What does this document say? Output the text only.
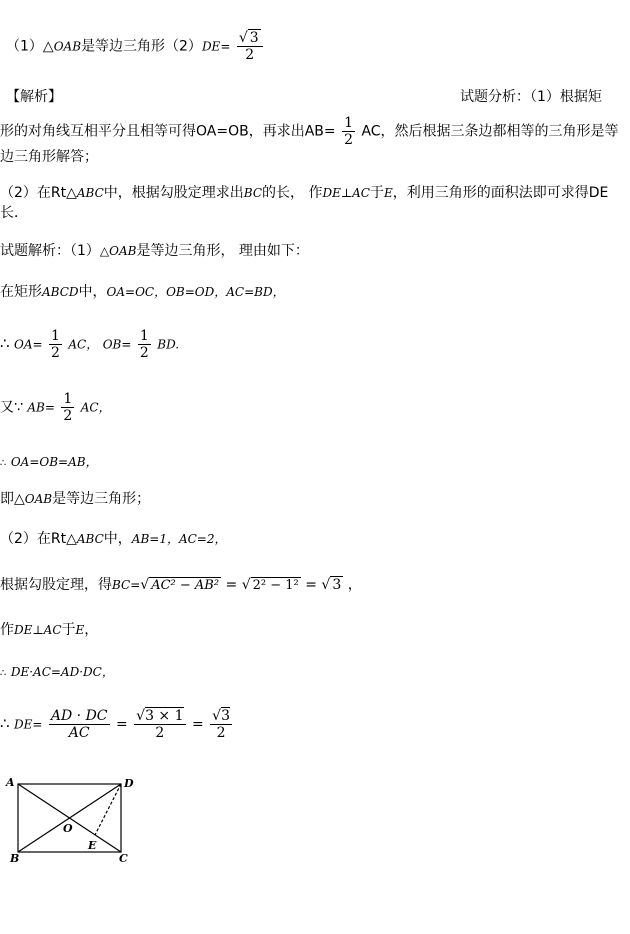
（1）△OAB是等边三角形$(2)DE= \frac{√ 3}{2}$
【解析】	试题分析：（1）根据矩
形的对角线互相平分且相等可得OA=OB，再求出$AB= \frac{1}{2}$ AC，然后根据三条边都相等的三角形是等
边三角形解答；
（2）在Rt△ABC中，根据勾股定理求出BC的长， 作DE⊥AC于E，利用三角形的面积法即可求得DE
长．
试题解析：（1）△OAB是等边三角形， 理由如下：
在矩形ABCD中，OA=OC，OB=OD，AC=BD，
∴ $OA= \frac{1}{2}$ AC， $OB= \frac{1}{2}$ BD.
又∵ $AB= \frac{1}{2}$ AC，
∴ OA=OB=AB，
即△OAB是等边三角形；
（2）在Rt△ABC中，AB=1，AC=2，
根据勾股定理，得BC=√ AC² − AB² = √ 2² − 1² = √ 3 ，
作DE⊥AC于E，
∴ DE·AC=AD·DC，
∴ $DE= \frac{AD \cdot DC}{AC} = \frac{√3 \times 1}{2} = \frac{√3}{2}$
A	D
B	C
O
E
